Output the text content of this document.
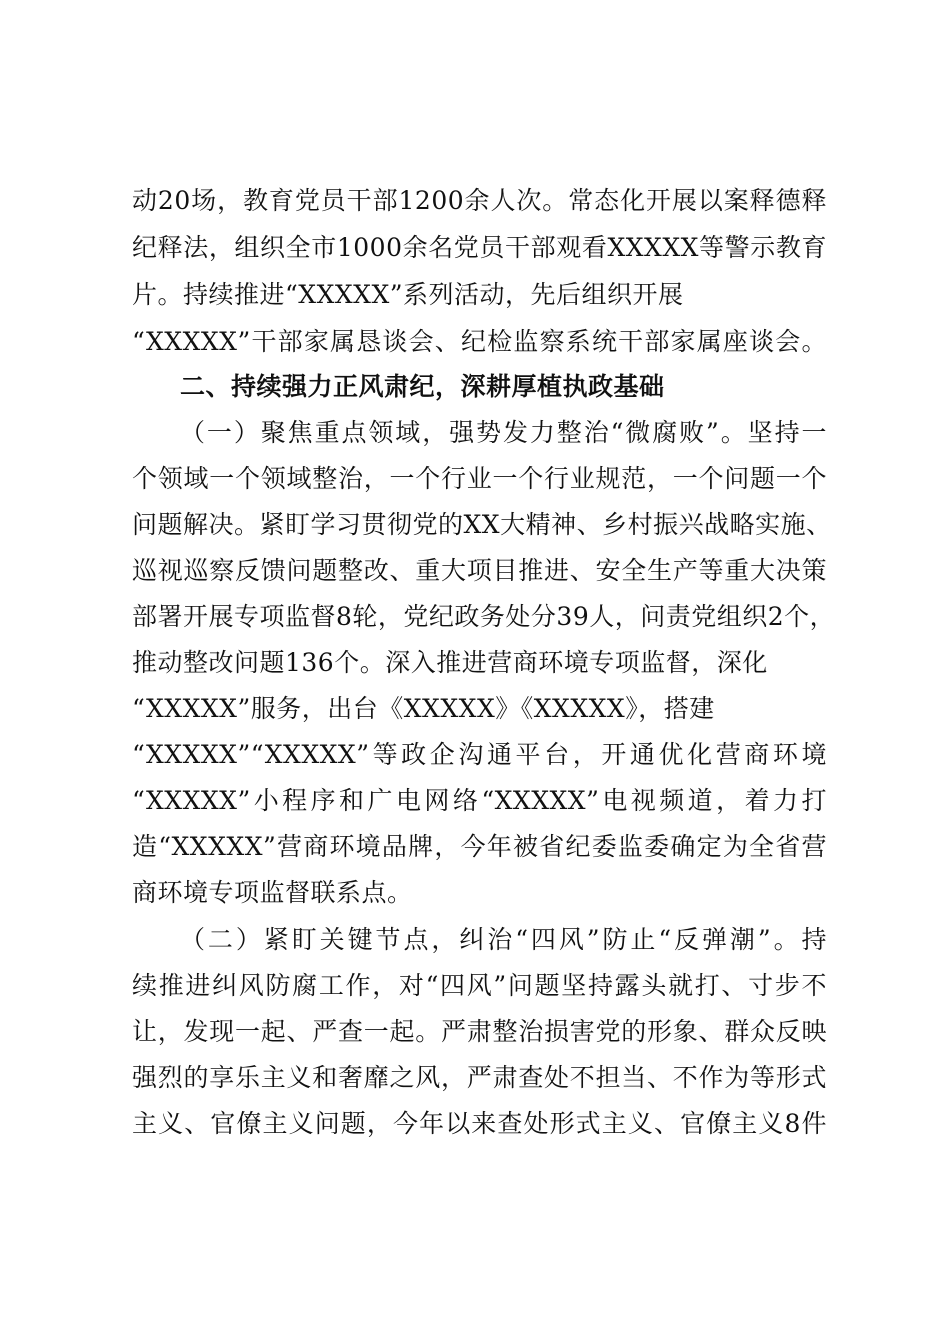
动20场，教育党员干部1200余人次。常态化开展以案释德释
纪释法，组织全市1000余名党员干部观看XXXXX等警示教育
片。持续推进“XXXXX”系列活动，先后组织开展
“XXXXX”干部家属恳谈会、纪检监察系统干部家属座谈会。
二、持续强力正风肃纪，深耕厚植执政基础
（一）聚焦重点领域，强势发力整治“微腐败”。坚持一
个领域一个领域整治，一个行业一个行业规范，一个问题一个
问题解决。紧盯学习贯彻党的XX大精神、乡村振兴战略实施、
巡视巡察反馈问题整改、重大项目推进、安全生产等重大决策
部署开展专项监督8轮，党纪政务处分39人，问责党组织2个，
推动整改问题136个。深入推进营商环境专项监督，深化
“XXXXX”服务，出台《XXXXX》《XXXXX》，搭建
“XXXXX”“XXXXX”等政企沟通平台，开通优化营商环境
“XXXXX”小程序和广电网络“XXXXX”电视频道，着力打
造“XXXXX”营商环境品牌，今年被省纪委监委确定为全省营
商环境专项监督联系点。
（二）紧盯关键节点，纠治“四风”防止“反弹潮”。持
续推进纠风防腐工作，对“四风”问题坚持露头就打、寸步不
让，发现一起、严查一起。严肃整治损害党的形象、群众反映
强烈的享乐主义和奢靡之风，严肃查处不担当、不作为等形式
主义、官僚主义问题，今年以来查处形式主义、官僚主义8件
